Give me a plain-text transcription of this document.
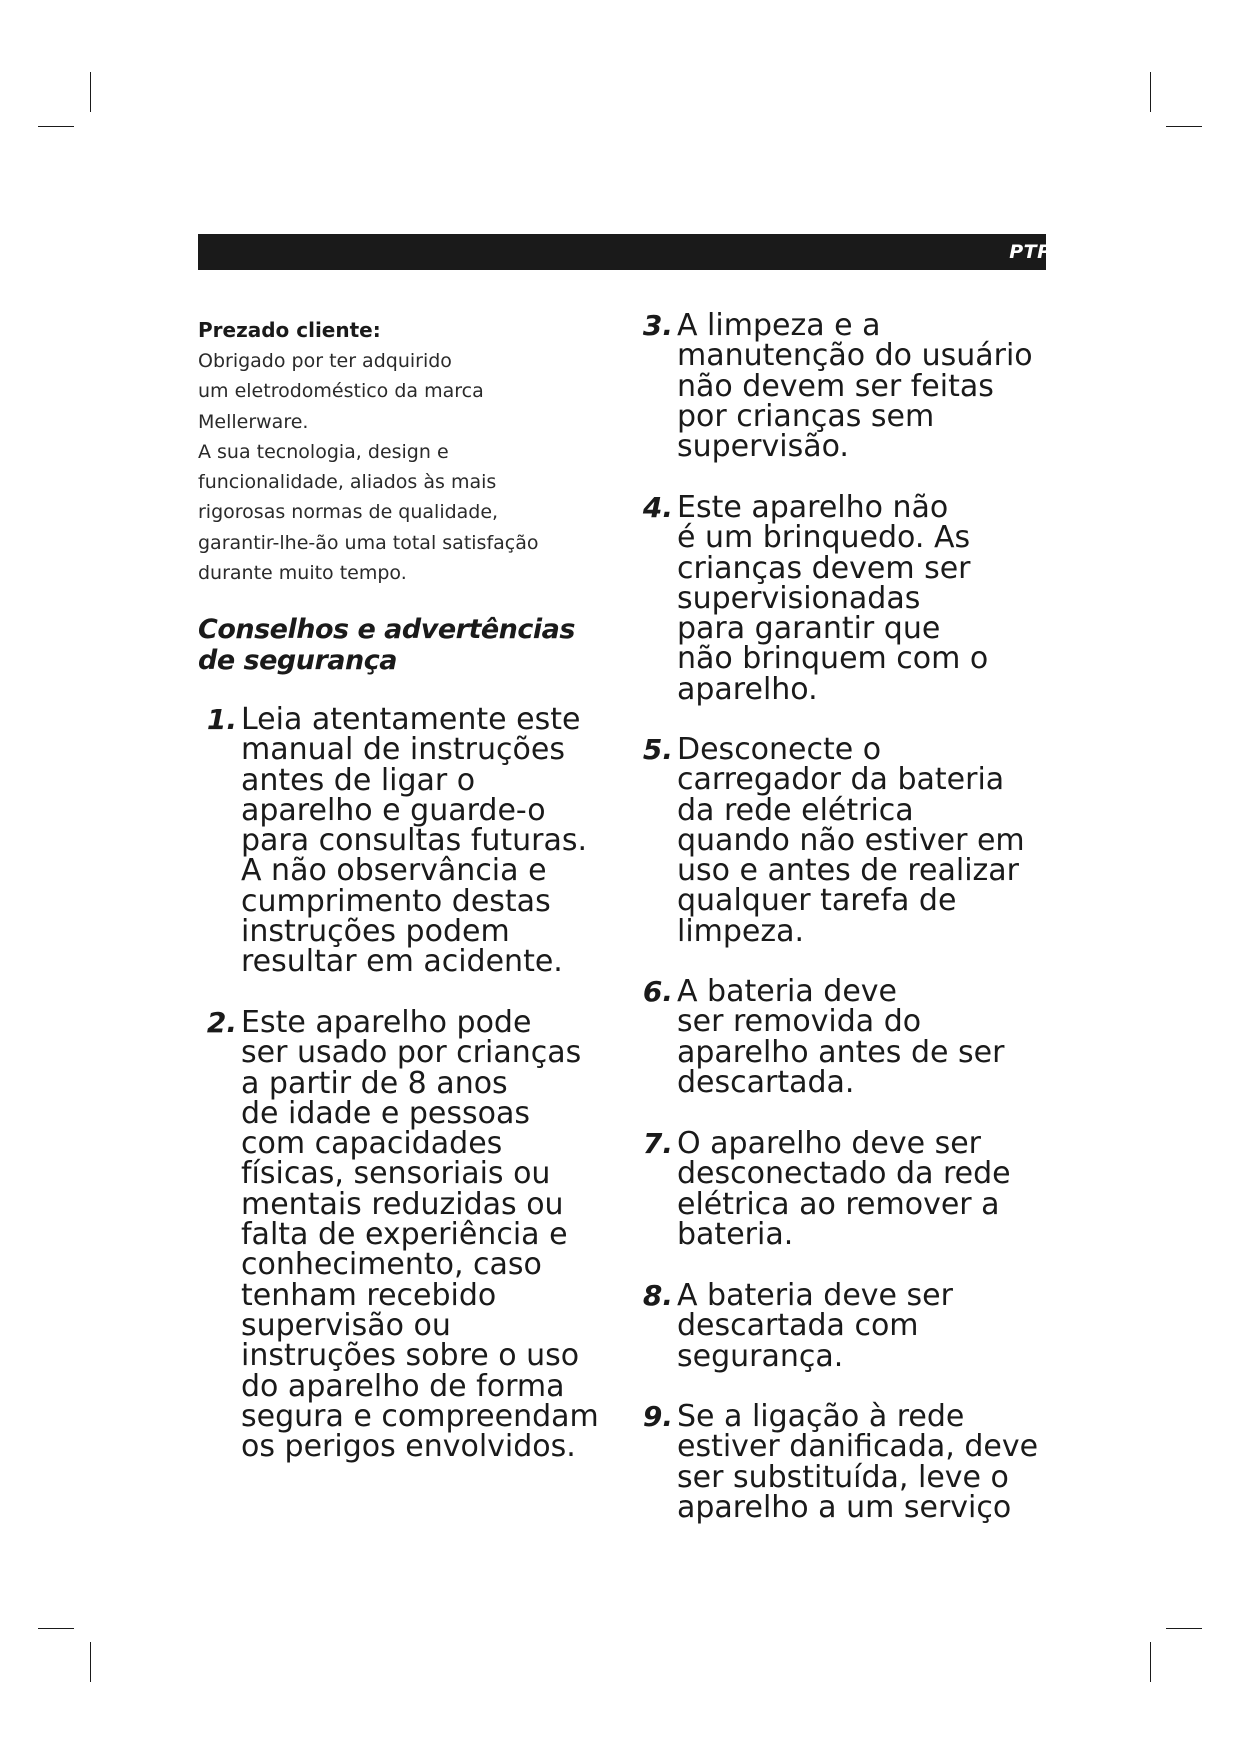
PTPC
Prezado cliente:
Obrigado por ter adquirido
um eletrodoméstico da marca
Mellerware.
A sua tecnologia, design e
funcionalidade, aliados às mais
rigorosas normas de qualidade,
garantir-lhe-ão uma total satisfação
durante muito tempo.
Conselhos e advertências
de segurança
1. Leia atentamente este
manual de instruções
antes de ligar o
aparelho e guarde-o
para consultas futuras.
A não observância e
cumprimento destas
instruções podem
resultar em acidente.
2. Este aparelho pode
ser usado por crianças
a partir de 8 anos
de idade e pessoas
com capacidades
físicas, sensoriais ou
mentais reduzidas ou
falta de experiência e
conhecimento, caso
tenham recebido
supervisão ou
instruções sobre o uso
do aparelho de forma
segura e compreendam
os perigos envolvidos.
3. A limpeza e a
manutenção do usuário
não devem ser feitas
por crianças sem
supervisão.
4. Este aparelho não
é um brinquedo. As
crianças devem ser
supervisionadas
para garantir que
não brinquem com o
aparelho.
5. Desconecte o
carregador da bateria
da rede elétrica
quando não estiver em
uso e antes de realizar
qualquer tarefa de
limpeza.
6. A bateria deve
ser removida do
aparelho antes de ser
descartada.
7. O aparelho deve ser
desconectado da rede
elétrica ao remover a
bateria.
8. A bateria deve ser
descartada com
segurança.
9. Se a ligação à rede
estiver danificada, deve
ser substituída, leve o
aparelho a um serviço
